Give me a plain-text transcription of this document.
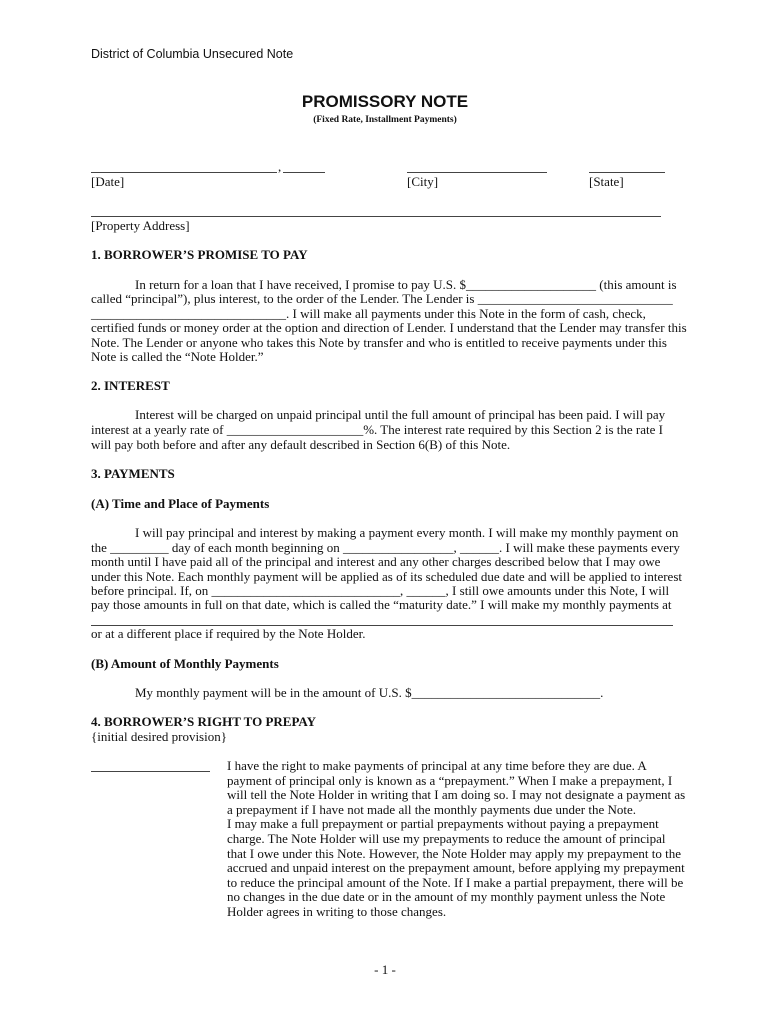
District of Columbia Unsecured Note
PROMISSORY NOTE
(Fixed Rate, Installment Payments)
,
[Date]	[City]	[State]
[Property Address]
1. BORROWER’S PROMISE TO PAY
In return for a loan that I have received, I promise to pay U.S. $____________________ (this amount is
called “principal”), plus interest, to the order of the Lender. The Lender is ______________________________
______________________________. I will make all payments under this Note in the form of cash, check,
certified funds or money order at the option and direction of Lender. I understand that the Lender may transfer this
Note. The Lender or anyone who takes this Note by transfer and who is entitled to receive payments under this
Note is called the “Note Holder.”
2. INTEREST
Interest will be charged on unpaid principal until the full amount of principal has been paid. I will pay
interest at a yearly rate of _____________________%. The interest rate required by this Section 2 is the rate I
will pay both before and after any default described in Section 6(B) of this Note.
3. PAYMENTS
(A) Time and Place of Payments
I will pay principal and interest by making a payment every month. I will make my monthly payment on
the _________ day of each month beginning on _________________, ______. I will make these payments every
month until I have paid all of the principal and interest and any other charges described below that I may owe
under this Note. Each monthly payment will be applied as of its scheduled due date and will be applied to interest
before principal. If, on _____________________________, ______, I still owe amounts under this Note, I will
pay those amounts in full on that date, which is called the “maturity date.” I will make my monthly payments at
or at a different place if required by the Note Holder.
(B) Amount of Monthly Payments
My monthly payment will be in the amount of U.S. $_____________________________.
4. BORROWER’S RIGHT TO PREPAY
{initial desired provision}
I have the right to make payments of principal at any time before they are due. A
payment of principal only is known as a “prepayment.” When I make a prepayment, I
will tell the Note Holder in writing that I am doing so. I may not designate a payment as
a prepayment if I have not made all the monthly payments due under the Note.
I may make a full prepayment or partial prepayments without paying a prepayment
charge. The Note Holder will use my prepayments to reduce the amount of principal
that I owe under this Note. However, the Note Holder may apply my prepayment to the
accrued and unpaid interest on the prepayment amount, before applying my prepayment
to reduce the principal amount of the Note. If I make a partial prepayment, there will be
no changes in the due date or in the amount of my monthly payment unless the Note
Holder agrees in writing to those changes.
- 1 -
